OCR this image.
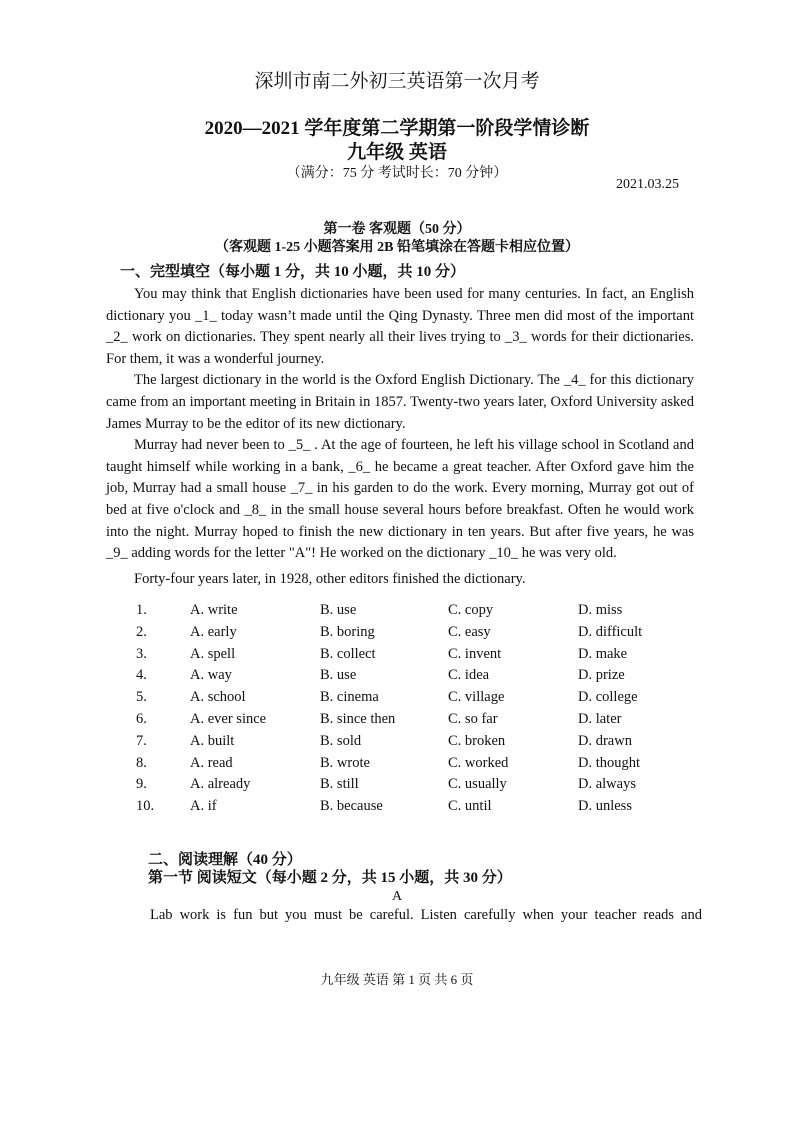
深圳市南二外初三英语第一次月考
2020—2021 学年度第二学期第一阶段学情诊断
九年级 英语
（满分：75 分 考试时长：70 分钟）
2021.03.25
第一卷 客观题（50 分）
（客观题 1-25 小题答案用 2B 铅笔填涂在答题卡相应位置）
一、完型填空（每小题 1 分，共 10 小题，共 10 分）

You may think that English dictionaries have been used for many centuries. In fact, an English dictionary you _1_ today wasn’t made until the Qing Dynasty. Three men did most of the important _2_ work on dictionaries. They spent nearly all their lives trying to _3_ words for their dictionaries. For them, it was a wonderful journey.

The largest dictionary in the world is the Oxford English Dictionary. The _4_ for this dictionary came from an important meeting in Britain in 1857. Twenty-two years later, Oxford University asked James Murray to be the editor of its new dictionary.

Murray had never been to _5_ . At the age of fourteen, he left his village school in Scotland and taught himself while working in a bank, _6_ he became a great teacher. After Oxford gave him the job, Murray had a small house _7_ in his garden to do the work. Every morning, Murray got out of bed at five o'clock and _8_ in the small house several hours before breakfast. Often he would work into the night. Murray hoped to finish the new dictionary in ten years. But after five years, he was _9_ adding words for the letter "A"! He worked on the dictionary _10_ he was very old.

Forty-four years later, in 1928, other editors finished the dictionary.

1.	A. write	B. use	C. copy	D. miss
2.	A. early	B. boring	C. easy	D. difficult
3.	A. spell	B. collect	C. invent	D. make
4.	A. way	B. use	C. idea	D. prize
5.	A. school	B. cinema	C. village	D. college
6.	A. ever since	B. since then	C. so far	D. later
7.	A. built	B. sold	C. broken	D. drawn
8.	A. read	B. wrote	C. worked	D. thought
9.	A. already	B. still	C. usually	D. always
10. A. if	B. because	C. until	D. unless
二、阅读理解（40 分）
第一节 阅读短文（每小题 2 分，共 15 小题，共 30 分）
A
Lab work is fun but you must be careful. Listen carefully when your teacher reads and
九年级 英语 第 1 页 共 6 页
